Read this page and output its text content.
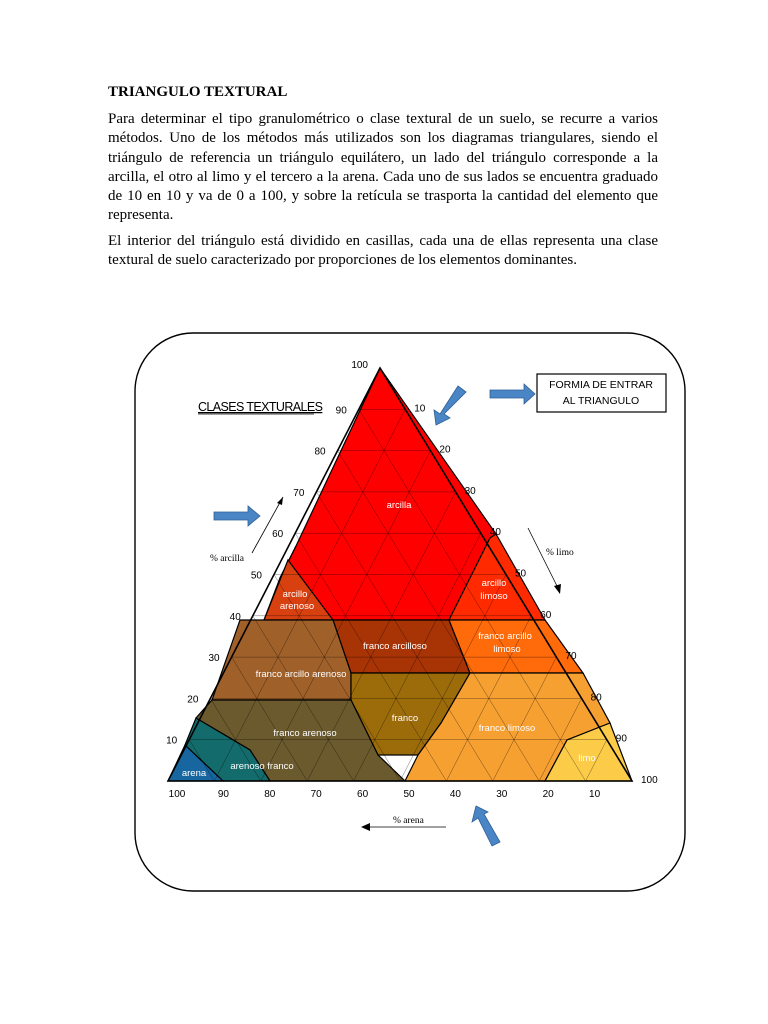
TRIANGULO TEXTURAL

Para determinar el tipo granulométrico o clase textural de un suelo, se recurre a varios métodos. Uno de los métodos más utilizados son los diagramas triangulares, siendo el triángulo de referencia un triángulo equilátero, un lado del triángulo corresponde a la arcilla, el otro al limo y el tercero a la arena. Cada uno de sus lados se encuentra graduado de 10 en 10 y va de 0 a 100, y sobre la retícula se trasporta la cantidad del elemento que representa.

El interior del triángulo está dividido en casillas, cada una de ellas representa una clase textural de suelo caracterizado por proporciones de los elementos dominantes.

arcilla
arcillo
arenoso
arcillo
limoso
franco arcilloso
franco arcillo
limoso
franco arcillo arenoso
franco
franco arenoso	franco limoso
arenoso franco
arena
limo
CLASES TEXTURALES
FORMIA DE ENTRAR
AL TRIANGULO
100
90
80
70
60
50
40
30
20
10
10
20
30
40
50
60
70
80
90
100
100	90	80	70	60	50	40	30	20	10
% arcilla
% limo
% arena
